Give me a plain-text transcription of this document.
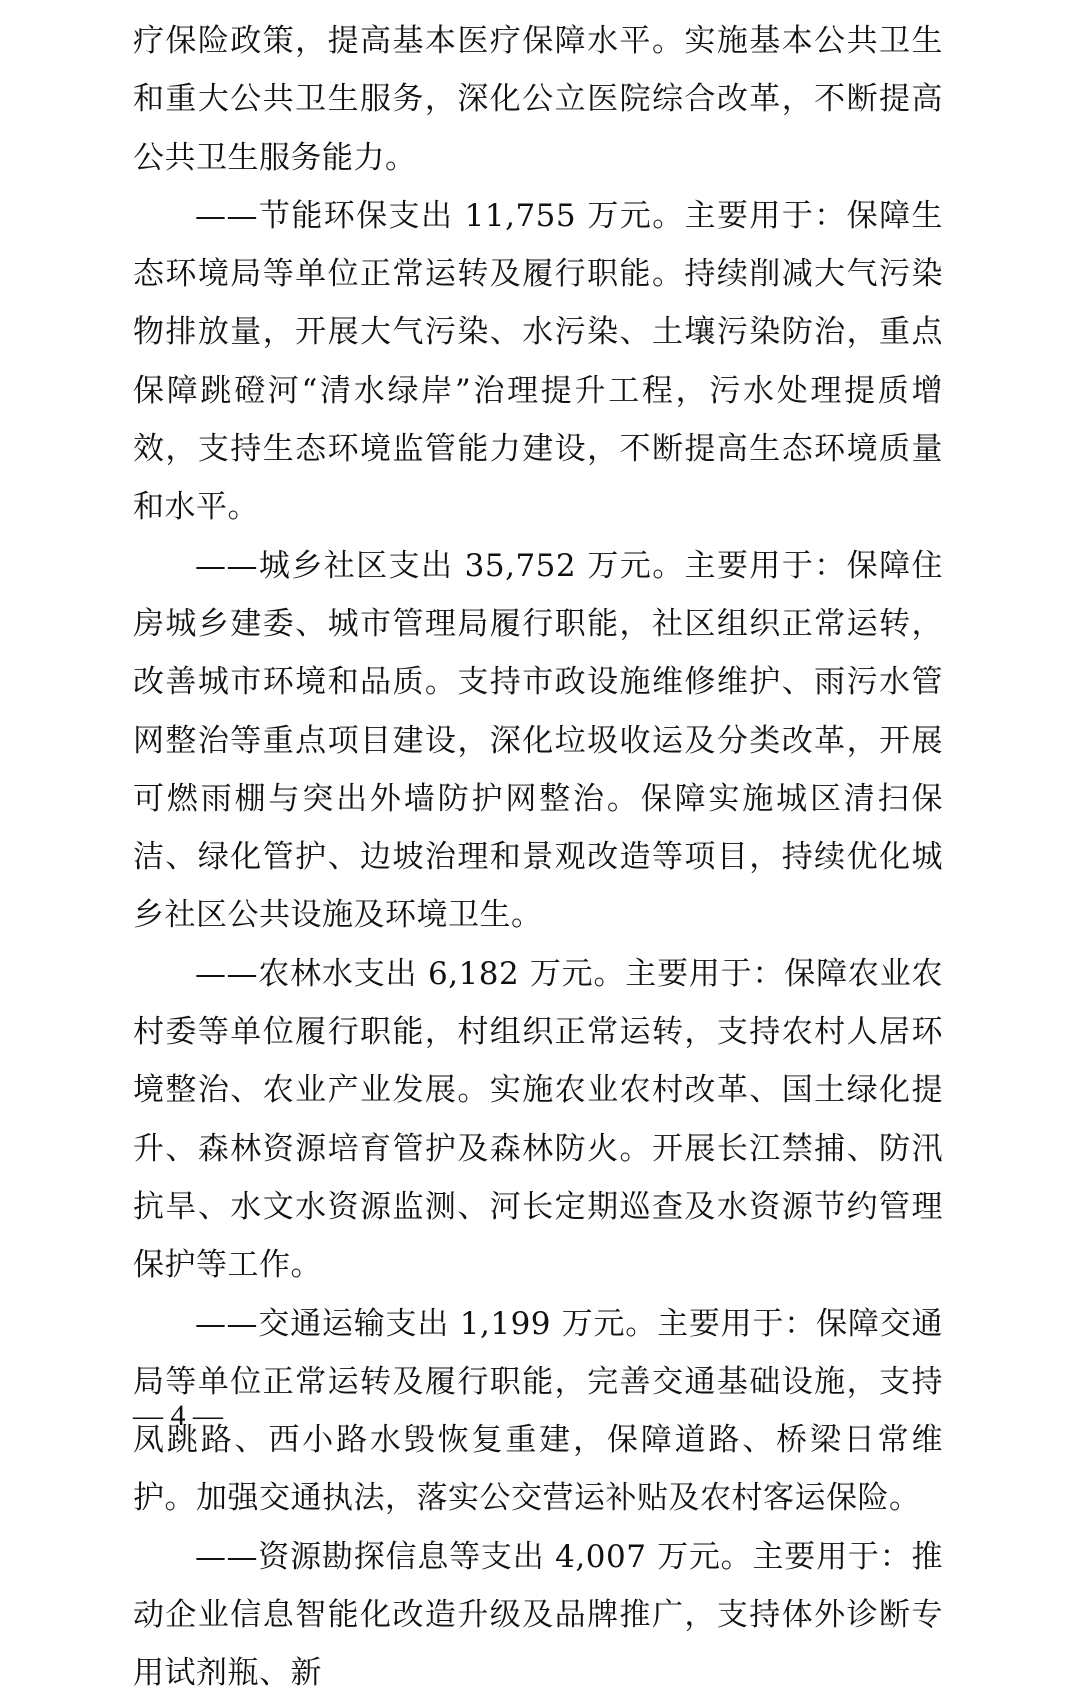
疗保险政策，提高基本医疗保障水平。实施基本公共卫生和重大公共卫生服务，深化公立医院综合改革，不断提高公共卫生服务能力。

——节能环保支出 11,755 万元。主要用于：保障生态环境局等单位正常运转及履行职能。持续削减大气污染物排放量，开展大气污染、水污染、土壤污染防治，重点保障跳磴河“清水绿岸”治理提升工程，污水处理提质增效，支持生态环境监管能力建设，不断提高生态环境质量和水平。

——城乡社区支出 35,752 万元。主要用于：保障住房城乡建委、城市管理局履行职能，社区组织正常运转，改善城市环境和品质。支持市政设施维修维护、雨污水管网整治等重点项目建设，深化垃圾收运及分类改革，开展可燃雨棚与突出外墙防护网整治。保障实施城区清扫保洁、绿化管护、边坡治理和景观改造等项目，持续优化城乡社区公共设施及环境卫生。

——农林水支出 6,182 万元。主要用于：保障农业农村委等单位履行职能，村组织正常运转，支持农村人居环境整治、农业产业发展。实施农业农村改革、国土绿化提升、森林资源培育管护及森林防火。开展长江禁捕、防汛抗旱、水文水资源监测、河长定期巡查及水资源节约管理保护等工作。

——交通运输支出 1,199 万元。主要用于：保障交通局等单位正常运转及履行职能，完善交通基础设施，支持凤跳路、西小路水毁恢复重建，保障道路、桥梁日常维护。加强交通执法，落实公交营运补贴及农村客运保险。

——资源勘探信息等支出 4,007 万元。主要用于：推动企业信息智能化改造升级及品牌推广，支持体外诊断专用试剂瓶、新

— 4 —
